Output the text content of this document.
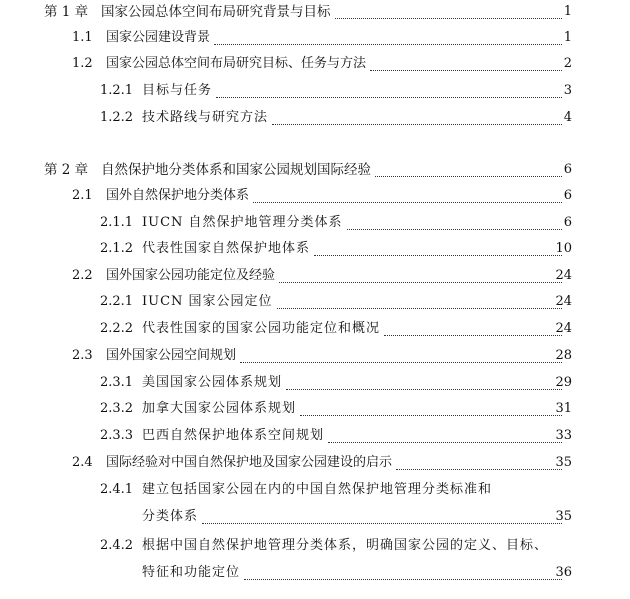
第 1 章 国家公园总体空间布局研究背景与目标	1
1.1 国家公园建设背景	1
1.2 国家公园总体空间布局研究目标、任务与方法	2
1.2.1 目标与任务	3
1.2.2 技术路线与研究方法	4
第 2 章 自然保护地分类体系和国家公园规划国际经验	6
2.1 国外自然保护地分类体系	6
2.1.1 IUCN 自然保护地管理分类体系	6
2.1.2 代表性国家自然保护地体系	10
2.2 国外国家公园功能定位及经验	24
2.2.1 IUCN 国家公园定位	24
2.2.2 代表性国家的国家公园功能定位和概况	24
2.3 国外国家公园空间规划	28
2.3.1 美国国家公园体系规划	29
2.3.2 加拿大国家公园体系规划	31
2.3.3 巴西自然保护地体系空间规划	33
2.4 国际经验对中国自然保护地及国家公园建设的启示	35
2.4.1 建立包括国家公园在内的中国自然保护地管理分类标准和
分类体系	35
2.4.2 根据中国自然保护地管理分类体系，明确国家公园的定义、目标、
特征和功能定位	36
